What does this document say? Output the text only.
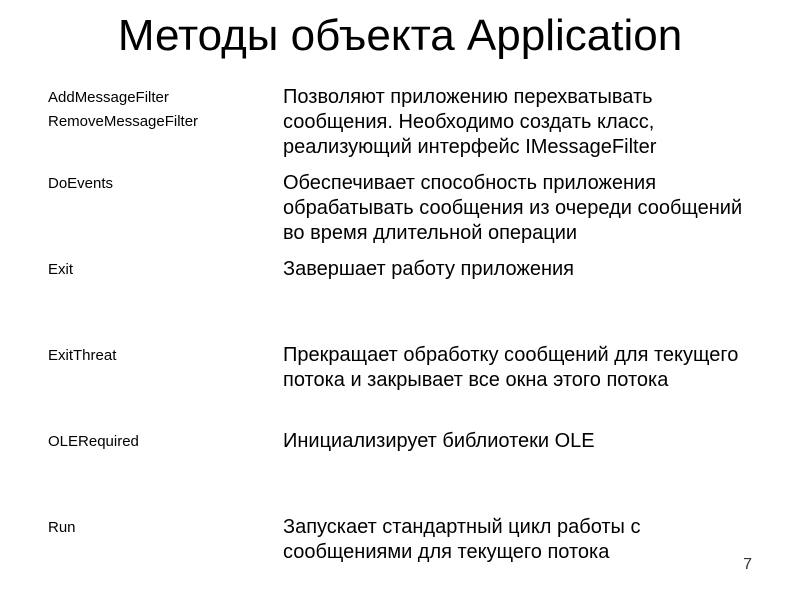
Методы объекта Application
AddMessageFilter
RemoveMessageFilter	Позволяют приложению перехватывать сообщения. Необходимо создать класс, реализующий интерфейс IMessageFilter

DoEvents	Обеспечивает способность приложения обрабатывать сообщения из очереди сообщений во время длительной операции

Exit	Завершает работу приложения

ExitThreat	Прекращает обработку сообщений для текущего потока и закрывает все окна этого потока

OLERequired	Инициализирует библиотеки OLE

Run	Запускает стандартный цикл работы с сообщениями для текущего потока
7
